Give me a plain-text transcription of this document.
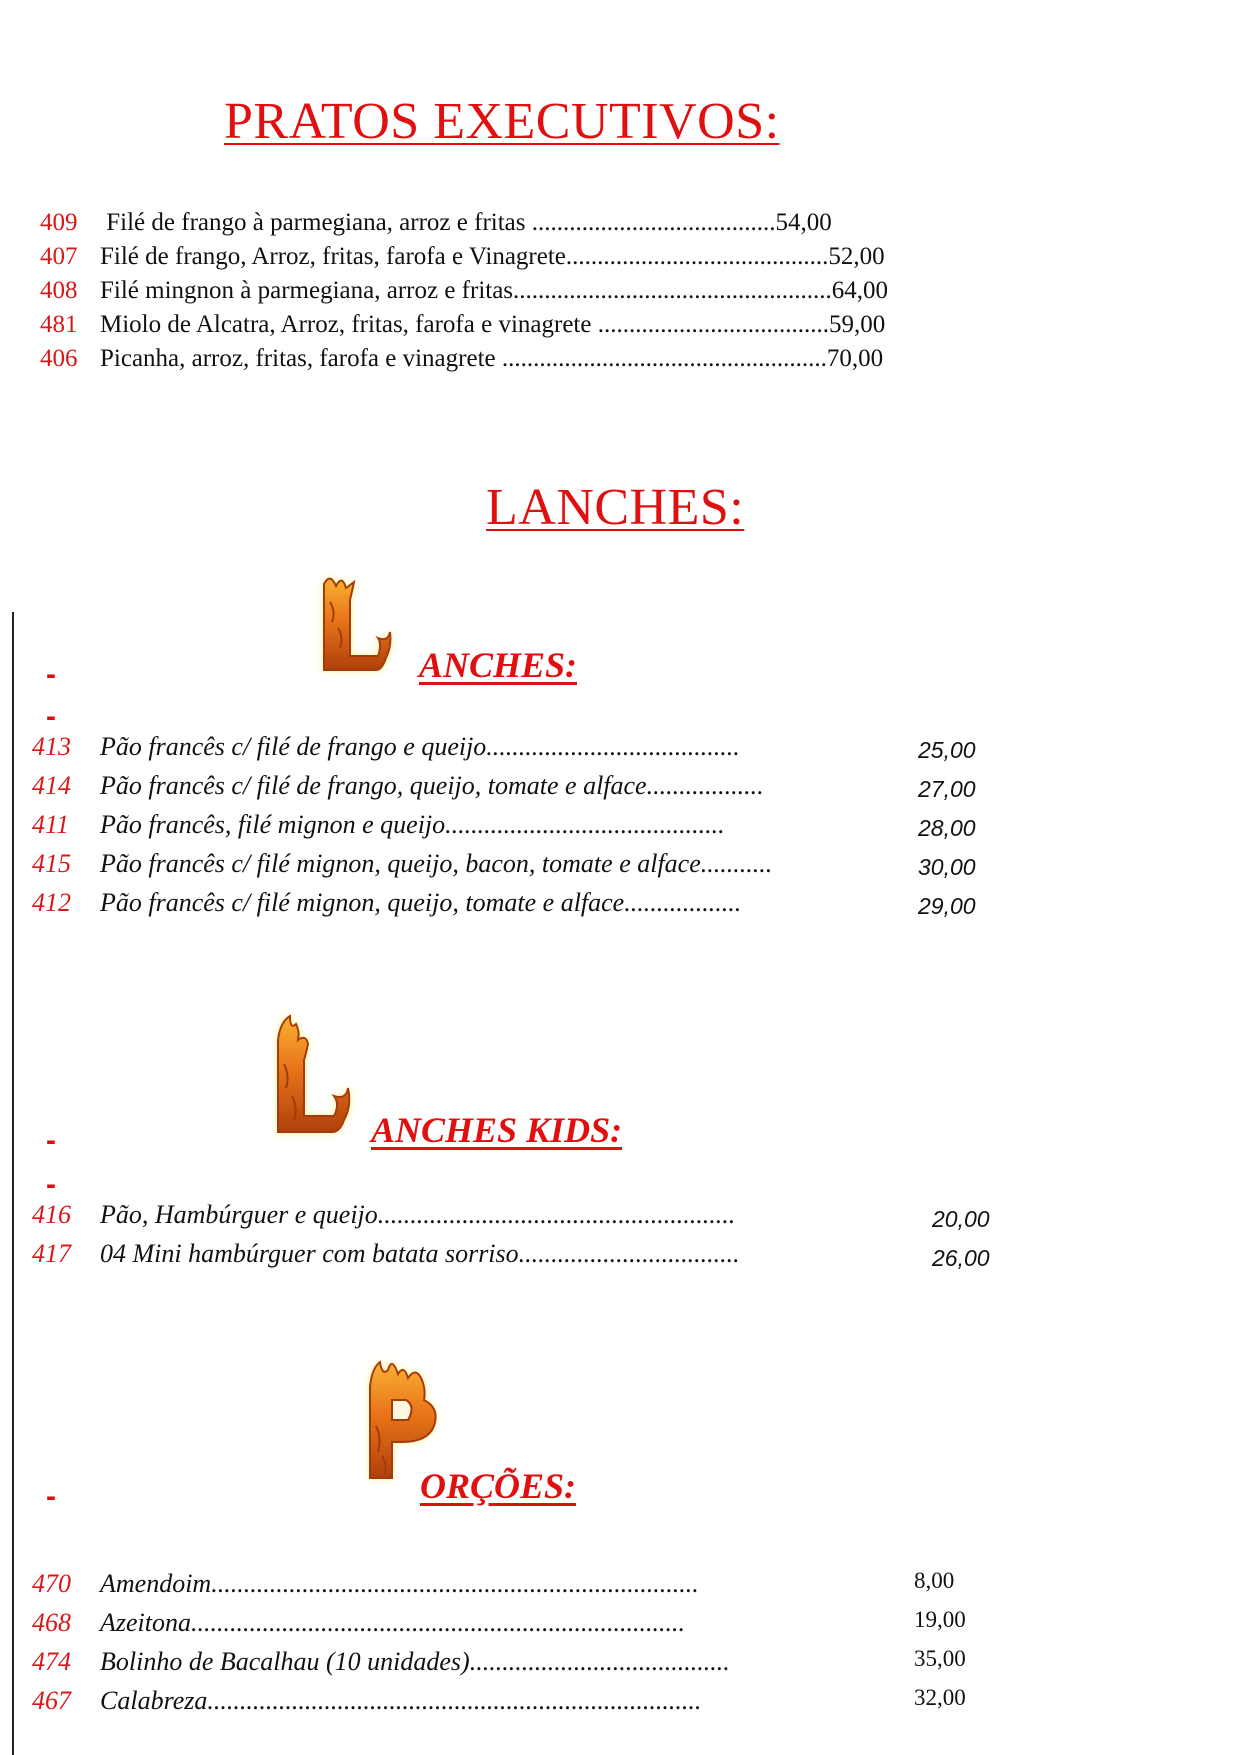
PRATOS EXECUTIVOS:
409 Filé de frango à parmegiana, arroz e fritas .......................................54,00
407 Filé de frango, Arroz, fritas, farofa e Vinagrete..........................................52,00
408 Filé mingnon à parmegiana, arroz e fritas...................................................64,00
481 Miolo de Alcatra, Arroz, fritas, farofa e vinagrete .....................................59,00
406 Picanha, arroz, fritas, farofa e vinagrete ....................................................70,00
LANCHES:
ANCHES:
-
-
413 Pão francês c/ filé de frango e queijo.......................................	25,00
414 Pão francês c/ filé de frango, queijo, tomate e alface..................	27,00
411 Pão francês, filé mignon e queijo...........................................	28,00
415 Pão francês c/ filé mignon, queijo, bacon, tomate e alface...........	30,00
412 Pão francês c/ filé mignon, queijo, tomate e alface..................	29,00
ANCHES KIDS:
-
-
416 Pão, Hambúrguer e queijo.......................................................	20,00
417 04 Mini hambúrguer com batata sorriso..................................	26,00
P ORÇÕES:
-
470 Amendoim...........................................................................	8,00
468 Azeitona............................................................................	19,00
474 Bolinho de Bacalhau (10 unidades)........................................	35,00
467 Calabreza............................................................................	32,00
